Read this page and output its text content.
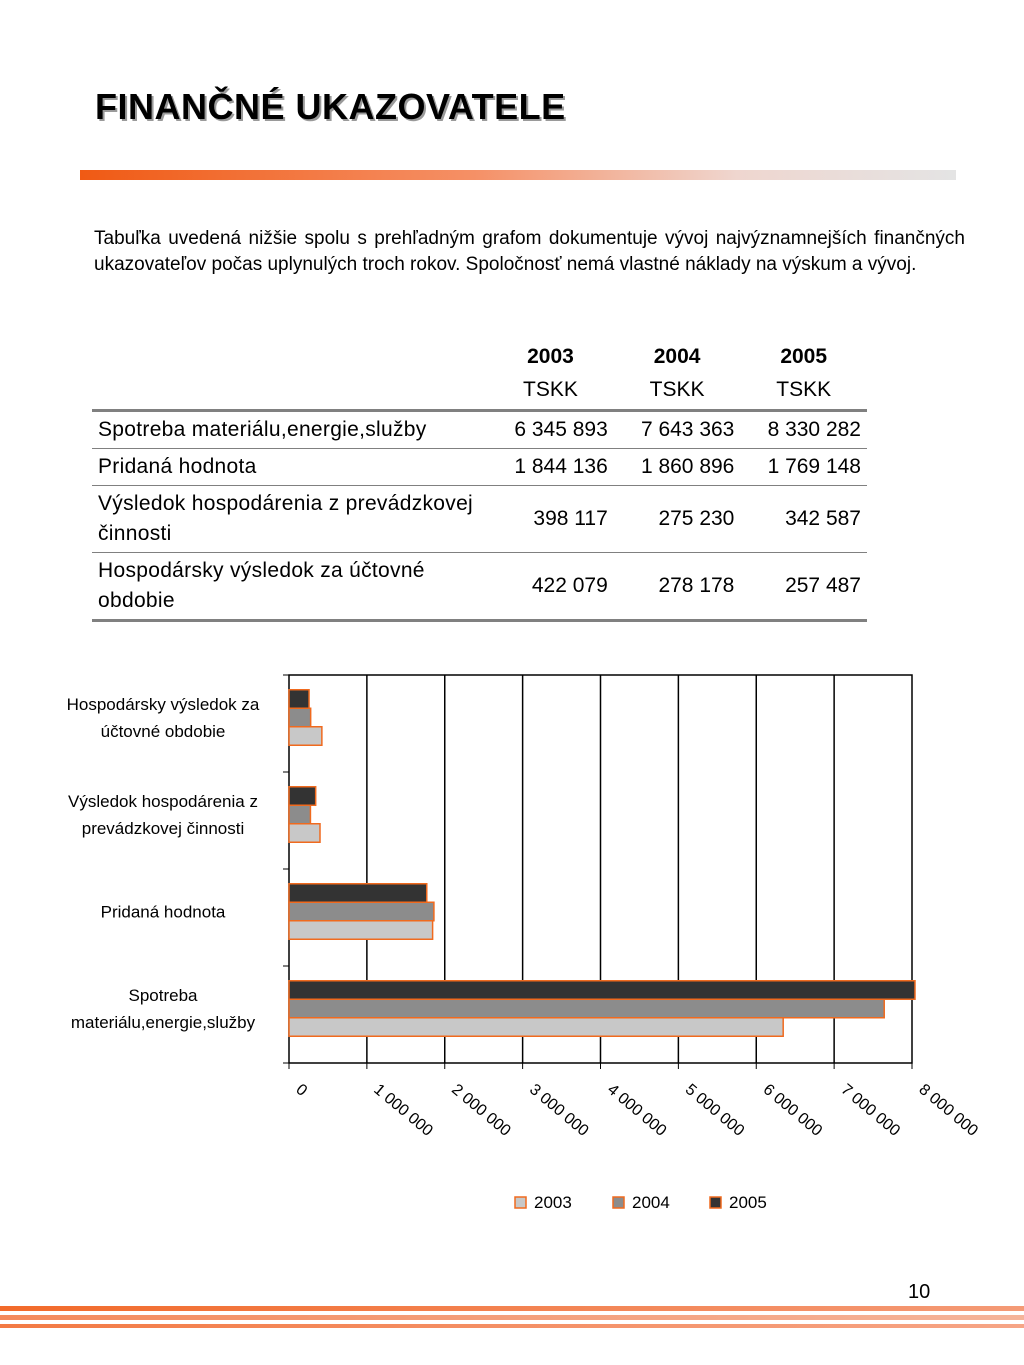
FINANČNÉ UKAZOVATELE

Tabuľka uvedená nižšie spolu s prehľadným grafom dokumentuje vývoj najvýznamnejších finančných ukazovateľov počas uplynulých troch rokov. Spoločnosť nemá vlastné náklady na výskum a vývoj.

	2003	2004	2005
	TSKK	TSKK	TSKK
Spotreba materiálu,energie,služby	6 345 893	7 643 363	8 330 282
Pridaná hodnota	1 844 136	1 860 896	1 769 148
Výsledok hospodárenia z prevádzkovej činnosti	398 117	275 230	342 587
Hospodársky výsledok za účtovné obdobie	422 079	278 178	257 487
Spotreba
materiálu,energie,služby
Pridaná hodnota
Výsledok hospodárenia z
prevádzkovej činnosti
Hospodársky výsledok za
účtovné obdobie
0	1 000 000 2 000 000 3 000 000 4 000 000 5 000 000 6 000 000 7 000 000 8 000 000
2003	2004	2005
10
